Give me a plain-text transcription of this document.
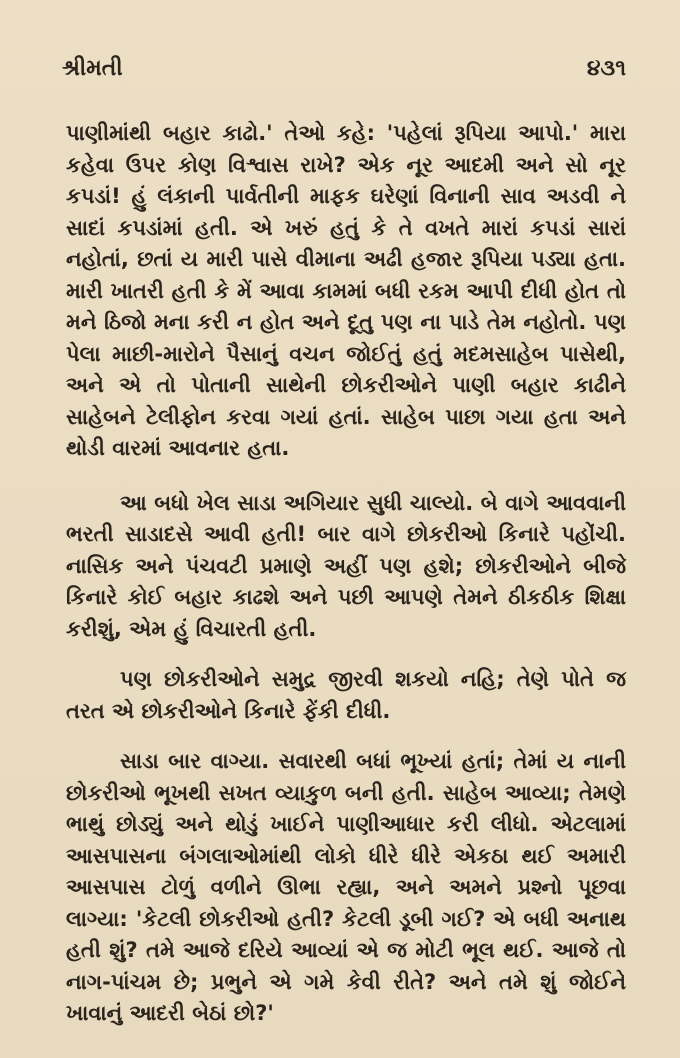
શ્રીમતી	૪૩૧

પાણીમાંથી બહાર કાઢો.' તેઓ કહે: 'પહેલાં રૂપિયા આપો.' મારા કહેવા ઉપર કોણ વિશ્વાસ રાખે? એક નૂર આદમી અને સો નૂર કપડાં! હું લંકાની પાર્વતીની માફક ઘરેણાં વિનાની સાવ અડવી ને સાદાં કપડાંમાં હતી. એ ખરું હતું કે તે વખતે મારાં કપડાં સારાં નહોતાં, છતાં ય મારી પાસે વીમાના અઢી હજાર રૂપિયા પડ્યા હતા. મારી ખાતરી હતી કે મેં આવા કામમાં બધી રકમ આપી દીધી હોત તો મને ઠિજો મના કરી ન હોત અને દૂતુ પણ ના પાડે તેમ નહોતો. પણ પેલા માછી-મારોને પૈસાનું વચન જોઈતું હતું મદમસાહેબ પાસેથી, અને એ તો પોતાની સાથેની છોકરીઓને પાણી બહાર કાઢીને સાહેબને ટેલીફોન કરવા ગયાં હતાં. સાહેબ પાછા ગયા હતા અને થોડી વારમાં આવનાર હતા.

આ બધો ખેલ સાડા અગિયાર સુધી ચાલ્યો. બે વાગે આવવાની ભરતી સાડાદસે આવી હતી! બાર વાગે છોકરીઓ કિનારે પહોંચી. નાસિક અને પંચવટી પ્રમાણે અહીં પણ હશે; છોકરીઓને બીજે કિનારે કોઈ બહાર કાઢશે અને પછી આપણે તેમને ઠીકઠીક શિક્ષા કરીશું, એમ હું વિચારતી હતી.

પણ છોકરીઓને સમુદ્ર જીરવી શકયો નહિ; તેણે પોતે જ તરત એ છોકરીઓને કિનારે ફેંકી દીધી.

સાડા બાર વાગ્યા. સવારથી બધાં ભૂખ્યાં હતાં; તેમાં ય નાની છોકરીઓ ભૂખથી સખત વ્યાકુળ બની હતી. સાહેબ આવ્યા; તેમણે ભાથું છોડ્યું અને થોડું ખાઈને પાણીઆધાર કરી લીધો. એટલામાં આસપાસના બંગલાઓમાંથી લોકો ધીરે ધીરે એકઠા થઈ અમારી આસપાસ ટોળું વળીને ઊભા રહ્યા, અને અમને પ્રશ્નો પૂછવા લાગ્યા: 'કેટલી છોકરીઓ હતી? કેટલી ડૂબી ગઈ? એ બધી અનાથ હતી શું? તમે આજે દરિયે આવ્યાં એ જ મોટી ભૂલ થઈ. આજે તો નાગ-પાંચમ છે; પ્રભુને એ ગમે કેવી રીતે? અને તમે શું જોઈને ખાવાનું આદરી બેઠાં છો?'
